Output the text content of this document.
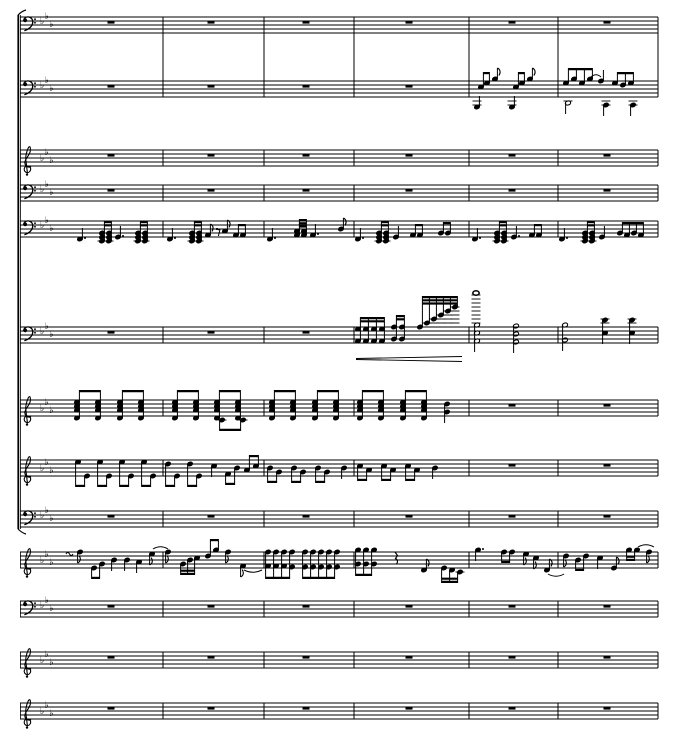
♭ ♭
♭
♭ ♭
♭
♭
♭
♭
♭ ♭
♭
♭ ♭
♭
♭ ♭
♭
♭
♭
♭
♭
♭
♭
♭ ♭
♭
♭
♭
♭
♭ ♭
♭
♭
♭
♭
♭
♭
♭
